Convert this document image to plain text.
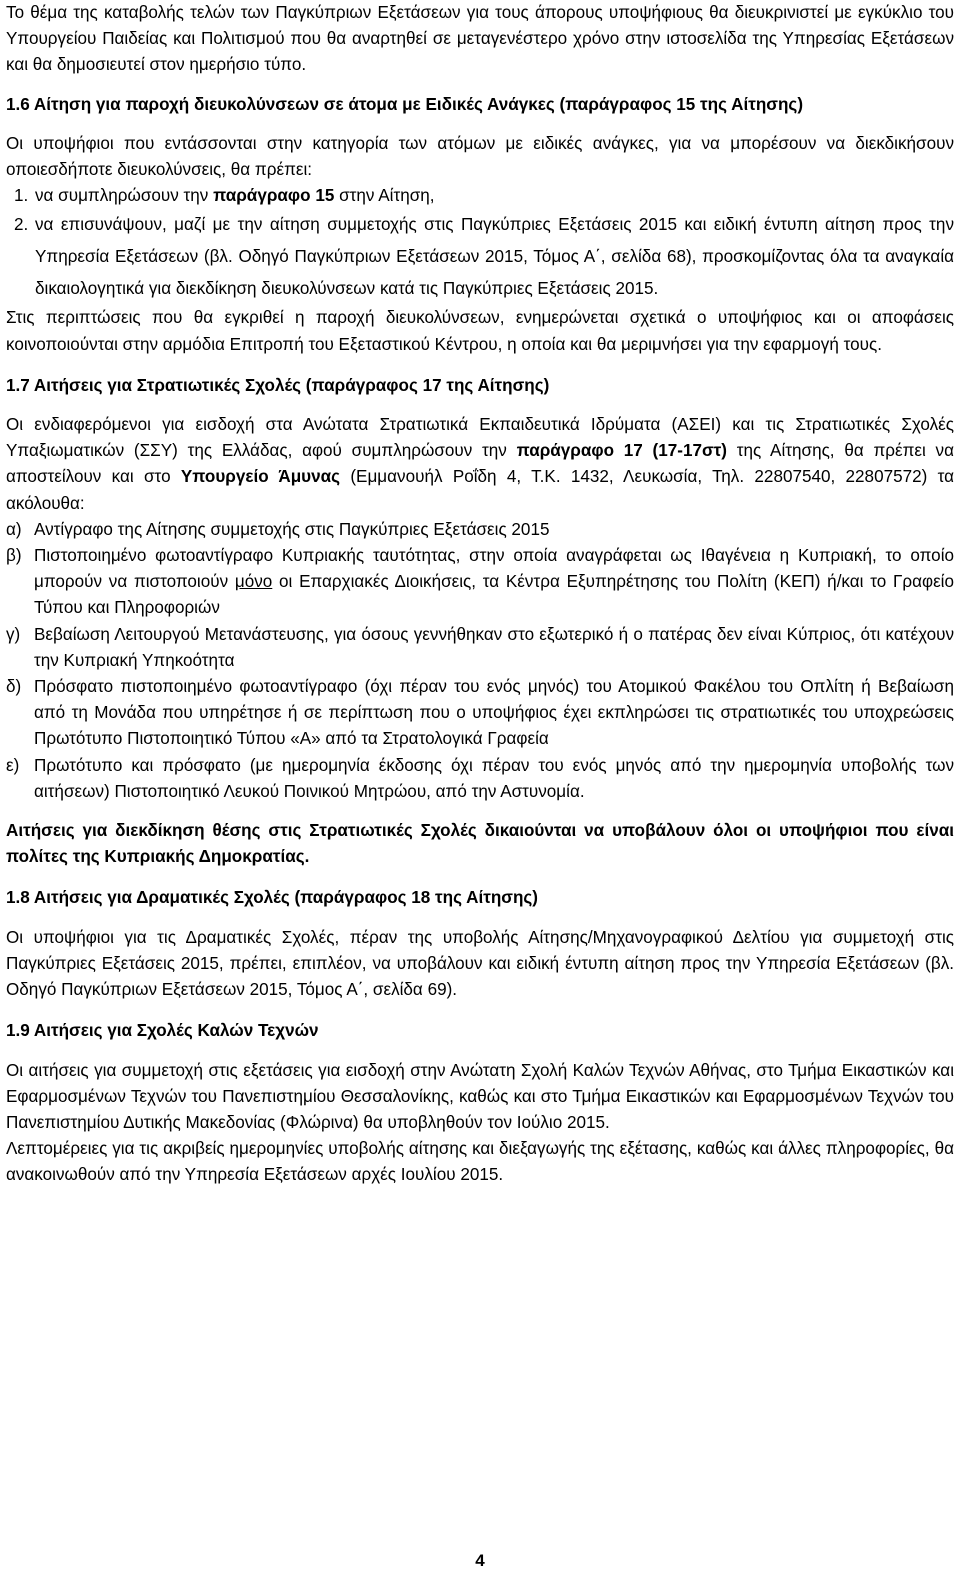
Το θέμα της καταβολής τελών των Παγκύπριων Εξετάσεων για τους άπορους υποψήφιους θα διευκρινιστεί με εγκύκλιο του Υπουργείου Παιδείας και Πολιτισμού που θα αναρτηθεί σε μεταγενέστερο χρόνο στην ιστοσελίδα της Υπηρεσίας Εξετάσεων και θα δημοσιευτεί στον ημερήσιο τύπο.

1.6 Αίτηση για παροχή διευκολύνσεων σε άτομα με Ειδικές Ανάγκες (παράγραφος 15 της Αίτησης)

Οι υποψήφιοι που εντάσσονται στην κατηγορία των ατόμων με ειδικές ανάγκες, για να μπορέσουν να διεκδικήσουν οποιεσδήποτε διευκολύνσεις, θα πρέπει:

1. να συμπληρώσουν την παράγραφο 15 στην Αίτηση,
2. να επισυνάψουν, μαζί με την αίτηση συμμετοχής στις Παγκύπριες Εξετάσεις 2015 και ειδική έντυπη αίτηση προς την Υπηρεσία Εξετάσεων (βλ. Οδηγό Παγκύπριων Εξετάσεων 2015, Τόμος Α΄, σελίδα 68), προσκομίζοντας όλα τα αναγκαία δικαιολογητικά για διεκδίκηση διευκολύνσεων κατά τις Παγκύπριες Εξετάσεις 2015.

Στις περιπτώσεις που θα εγκριθεί η παροχή διευκολύνσεων, ενημερώνεται σχετικά ο υποψήφιος και οι αποφάσεις κοινοποιούνται στην αρμόδια Επιτροπή του Εξεταστικού Κέντρου, η οποία και θα μεριμνήσει για την εφαρμογή τους.

1.7 Αιτήσεις για Στρατιωτικές Σχολές (παράγραφος 17 της Αίτησης)

Οι ενδιαφερόμενοι για εισδοχή στα Ανώτατα Στρατιωτικά Εκπαιδευτικά Ιδρύματα (ΑΣΕΙ) και τις Στρατιωτικές Σχολές Υπαξιωματικών (ΣΣΥ) της Ελλάδας, αφού συμπληρώσουν την παράγραφο 17 (17-17στ) της Αίτησης, θα πρέπει να αποστείλουν και στο Υπουργείο Άμυνας (Εμμανουήλ Ροΐδη 4, Τ.Κ. 1432, Λευκωσία, Τηλ. 22807540, 22807572) τα ακόλουθα:

α) Αντίγραφο της Αίτησης συμμετοχής στις Παγκύπριες Εξετάσεις 2015
β) Πιστοποιημένο φωτοαντίγραφο Κυπριακής ταυτότητας, στην οποία αναγράφεται ως Ιθαγένεια η Κυπριακή, το οποίο μπορούν να πιστοποιούν μόνο οι Επαρχιακές Διοικήσεις, τα Κέντρα Εξυπηρέτησης του Πολίτη (ΚΕΠ) ή/και το Γραφείο Τύπου και Πληροφοριών
γ) Βεβαίωση Λειτουργού Μετανάστευσης, για όσους γεννήθηκαν στο εξωτερικό ή ο πατέρας δεν είναι Κύπριος, ότι κατέχουν την Κυπριακή Υπηκοότητα
δ) Πρόσφατο πιστοποιημένο φωτοαντίγραφο (όχι πέραν του ενός μηνός) του Ατομικού Φακέλου του Οπλίτη ή Βεβαίωση από τη Μονάδα που υπηρέτησε ή σε περίπτωση που ο υποψήφιος έχει εκπληρώσει τις στρατιωτικές του υποχρεώσεις Πρωτότυπο Πιστοποιητικό Τύπου «Α» από τα Στρατολογικά Γραφεία
ε) Πρωτότυπο και πρόσφατο (με ημερομηνία έκδοσης όχι πέραν του ενός μηνός από την ημερομηνία υποβολής των αιτήσεων) Πιστοποιητικό Λευκού Ποινικού Μητρώου, από την Αστυνομία.

Αιτήσεις για διεκδίκηση θέσης στις Στρατιωτικές Σχολές δικαιούνται να υποβάλουν όλοι οι υποψήφιοι που είναι πολίτες της Κυπριακής Δημοκρατίας.

1.8 Αιτήσεις για Δραματικές Σχολές (παράγραφος 18 της Αίτησης)

Οι υποψήφιοι για τις Δραματικές Σχολές, πέραν της υποβολής Αίτησης/Μηχανογραφικού Δελτίου για συμμετοχή στις Παγκύπριες Εξετάσεις 2015, πρέπει, επιπλέον, να υποβάλουν και ειδική έντυπη αίτηση προς την Υπηρεσία Εξετάσεων (βλ. Οδηγό Παγκύπριων Εξετάσεων 2015, Τόμος Α΄, σελίδα 69).

1.9 Αιτήσεις για Σχολές Καλών Τεχνών

Οι αιτήσεις για συμμετοχή στις εξετάσεις για εισδοχή στην Ανώτατη Σχολή Καλών Τεχνών Αθήνας, στο Τμήμα Εικαστικών και Εφαρμοσμένων Τεχνών του Πανεπιστημίου Θεσσαλονίκης, καθώς και στο Τμήμα Εικαστικών και Εφαρμοσμένων Τεχνών του Πανεπιστημίου Δυτικής Μακεδονίας (Φλώρινα) θα υποβληθούν τον Ιούλιο 2015.

Λεπτομέρειες για τις ακριβείς ημερομηνίες υποβολής αίτησης και διεξαγωγής της εξέτασης, καθώς και άλλες πληροφορίες, θα ανακοινωθούν από την Υπηρεσία Εξετάσεων αρχές Ιουλίου 2015.

4
